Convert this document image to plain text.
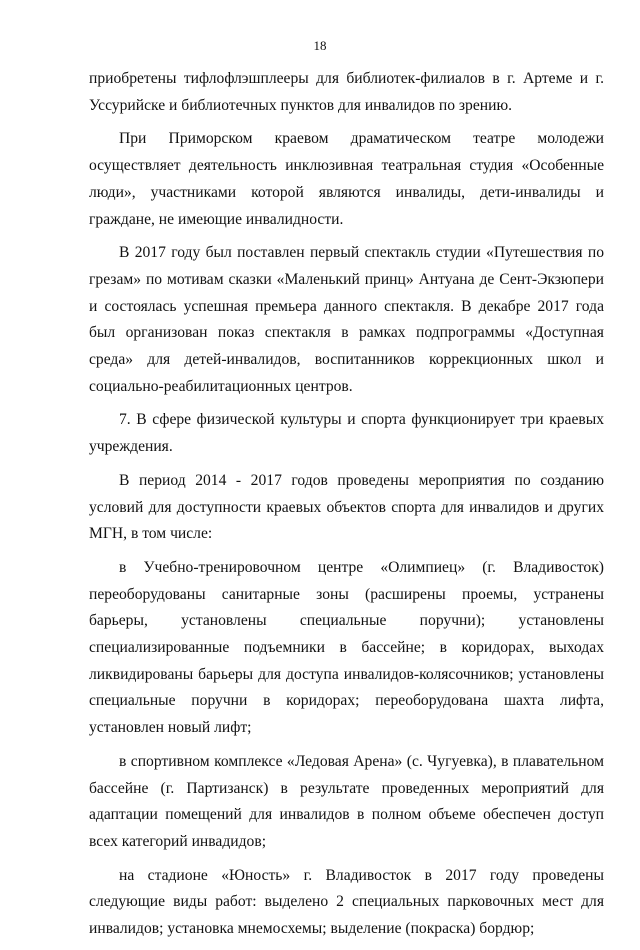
18

приобретены тифлофлэшплееры для библиотек-филиалов в г. Артеме и г. Уссурийске и библиотечных пунктов для инвалидов по зрению.

При Приморском краевом драматическом театре молодежи осуществляет деятельность инклюзивная театральная студия «Особенные люди», участниками которой являются инвалиды, дети-инвалиды и граждане, не имеющие инвалидности.

В 2017 году был поставлен первый спектакль студии «Путешествия по грезам» по мотивам сказки «Маленький принц» Антуана де Сент-Экзюпери и состоялась успешная премьера данного спектакля. В декабре 2017 года был организован показ спектакля в рамках подпрограммы «Доступная среда» для детей-инвалидов, воспитанников коррекционных школ и социально-реабилитационных центров.

7. В сфере физической культуры и спорта функционирует три краевых учреждения.

В период 2014 - 2017 годов проведены мероприятия по созданию условий для доступности краевых объектов спорта для инвалидов и других МГН, в том числе:

в Учебно-тренировочном центре «Олимпиец» (г. Владивосток) переоборудованы санитарные зоны (расширены проемы, устранены барьеры, установлены специальные поручни); установлены специализированные подъемники в бассейне; в коридорах, выходах ликвидированы барьеры для доступа инвалидов-колясочников; установлены специальные поручни в коридорах; переоборудована шахта лифта, установлен новый лифт;

в спортивном комплексе «Ледовая Арена» (с. Чугуевка), в плавательном бассейне (г. Партизанск) в результате проведенных мероприятий для адаптации помещений для инвалидов в полном объеме обеспечен доступ всех категорий инвадидов;

на стадионе «Юность» г. Владивосток в 2017 году проведены следующие виды работ: выделено 2 специальных парковочных мест для инвалидов; установка мнемосхемы; выделение (покраска) бордюр;
